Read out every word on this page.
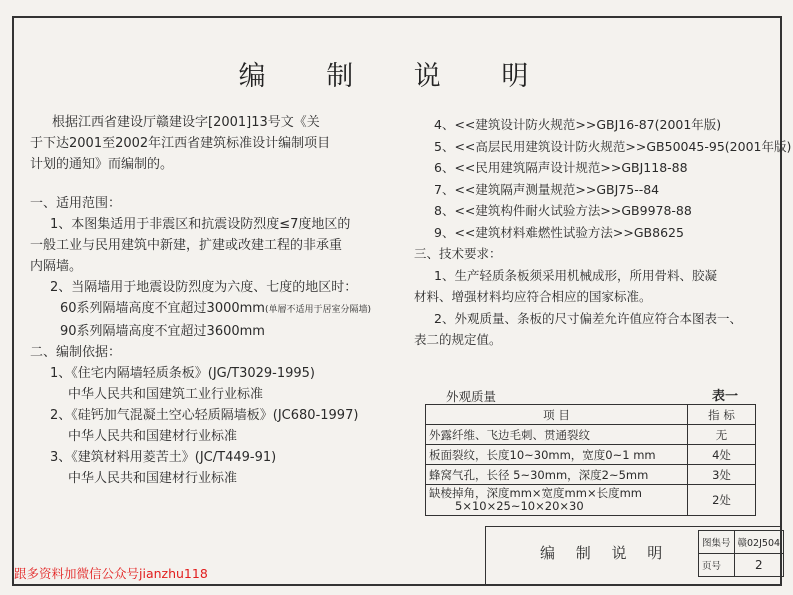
编 制 说 明
根据江西省建设厅赣建设字[2001]13号文《关
于下达2001至2002年江西省建筑标准设计编制项目
计划的通知》而编制的。
一、适用范围：
1、本图集适用于非震区和抗震设防烈度≤7度地区的
一般工业与民用建筑中新建，扩建或改建工程的非承重
内隔墙。
2、当隔墙用于地震设防烈度为六度、七度的地区时：
60系列隔墙高度不宜超过3000mm(单層不适用于居室分隔墙)
90系列隔墙高度不宜超过3600mm
二、编制依据：
1、《住宅内隔墙轻质条板》(JG/T3029-1995)
中华人民共和国建筑工业行业标准
2、《硅钙加气混凝土空心轻质隔墙板》(JC680-1997)
中华人民共和国建材行业标准
3、《建筑材料用菱苦土》(JC/T449-91)
中华人民共和国建材行业标准
4、<<建筑设计防火规范>>GBJ16-87(2001年版)
5、<<高层民用建筑设计防火规范>>GB50045-95(2001年版)
6、<<民用建筑隔声设计规范>>GBJ118-88
7、<<建筑隔声测量规范>>GBJ75--84
8、<<建筑构件耐火试验方法>>GB9978-88
9、<<建筑材料难燃性试验方法>>GB8625
三、技术要求：
1、生产轻质条板须采用机械成形，所用骨料、胶凝
材料、增强材料均应符合相应的国家标准。
2、外观质量、条板的尺寸偏差允许值应符合本图表一、
表二的规定值。
外观质量	表一
项 目	指 标
外露纤维、飞边毛刺、贯通裂纹	无
板面裂纹，长度10~30mm，宽度0~1 mm	4处
蜂窝气孔，长径 5~30mm，深度2~5mm	3处

缺棱掉角，深度mm×宽度mm×长度mm
5×10×25~10×20×30	2处
编 制 说 明
图集号	赣02J504
页号	2
跟多资料加微信公众号jianzhu118
